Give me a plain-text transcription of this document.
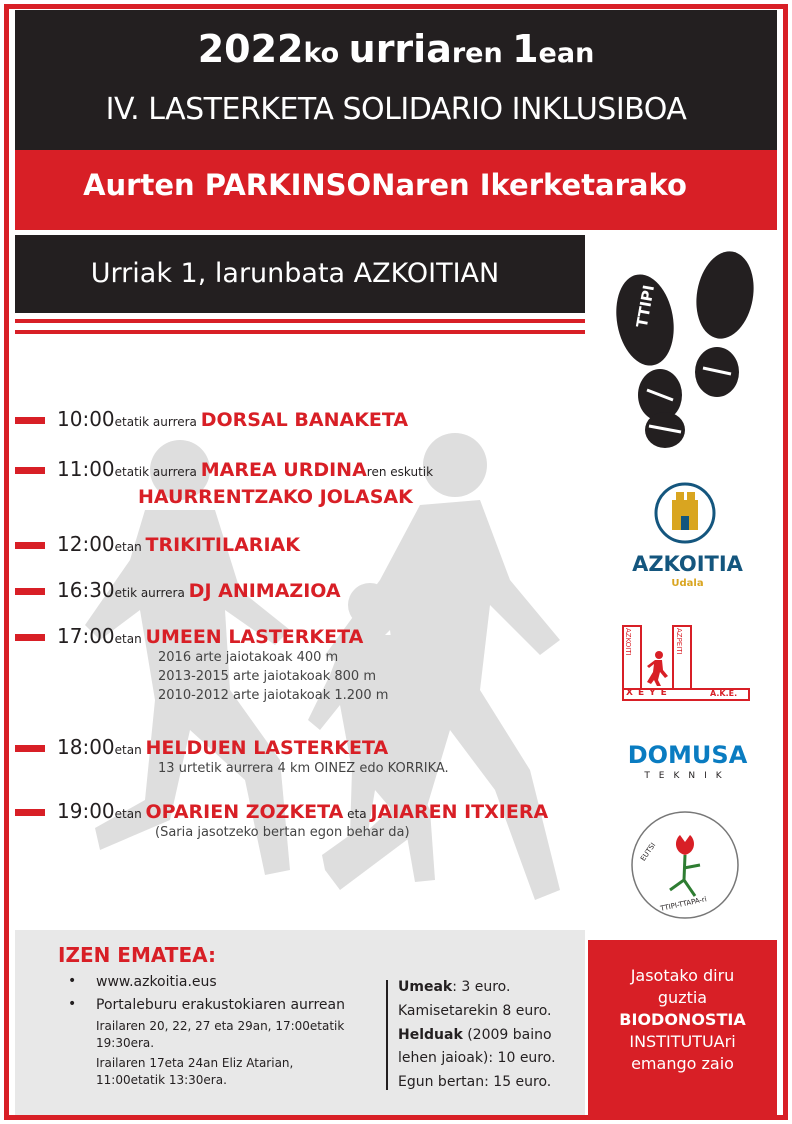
2022ko urriaren 1ean
IV. LASTERKETA SOLIDARIO INKLUSIBOA
Aurten PARKINSONaren Ikerketarako
Urriak 1, larunbata AZKOITIAN
10:00etatik aurrera DORSAL BANAKETA
11:00etatik aurrera MAREA URDINAren eskutik
HAURRENTZAKO JOLASAK
12:00etan TRIKITILARIAK
16:30etik aurrera DJ ANIMAZIOA
17:00etan UMEEN LASTERKETA
2016 arte jaiotakoak 400 m
2013-2015 arte jaiotakoak 800 m
2010-2012 arte jaiotakoak 1.200 m
18:00etan HELDUEN LASTERKETA
13 urtetik aurrera 4 km OINEZ edo KORRIKA.
19:00etan OPARIEN ZOZKETA eta JAIAREN ITXIERA
(Saria jasotzeko bertan egon behar da)
IZEN EMATEA:
• www.azkoitia.eus
• Portaleburu erakustokiaren aurrean
Irailaren 20, 22, 27 eta 29an, 17:00etatik
19:30era.
Irailaren 17eta 24an Eliz Atarian,
11:00etatik 13:30era.
Umeak: 3 euro.
Kamisetarekin 8 euro.
Helduak (2009 baino
lehen jaioak): 10 euro.
Egun bertan: 15 euro.
TTIPI
AZKOITIA
Udala
AZKOITI	AZPEITI
XEYE	A.K.E.
DOMUSA
TEKNIK
EUTSI
TTIPI-TTAPA-ri
Jasotako diru
guztia
BIODONOSTIA
INSTITUTUAri
emango zaio
